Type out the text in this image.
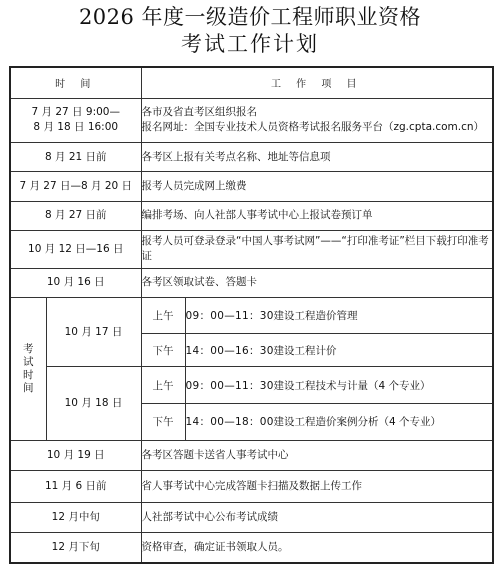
2026 年度一级造价工程师职业资格
考试工作计划
时 间		工 作 项 目	
7 月 27 日 9:00—
8 月 18 日 16:00		各市及省直考区组织报名
报名网址：全国专业技术人员资格考试报名服务平台（zg.cpta.com.cn）	
8 月 21 日前		各考区上报有关考点名称、地址等信息项	
7 月 27 日—8 月 20 日		报考人员完成网上缴费	
8 月 27 日前		编排考场、向人社部人事考试中心上报试卷预订单	
10 月 12 日—16 日		报考人员可登录登录“中国人事考试网”——“打印准考证”栏目下载打印准考证	
10 月 16 日		各考区领取试卷、答题卡	
考试时间	10 月 17 日	上午	09：00—11：30建设工程造价管理
		下午	14：00—16：30建设工程计价
	10 月 18 日	上午	09：00—11：30建设工程技术与计量（4 个专业）
		下午	14：00—18：00建设工程造价案例分析（4 个专业）
10 月 19 日		各考区答题卡送省人事考试中心	
11 月 6 日前		省人事考试中心完成答题卡扫描及数据上传工作	
12 月中旬		人社部考试中心公布考试成绩	
12 月下旬		资格审查，确定证书领取人员。	
